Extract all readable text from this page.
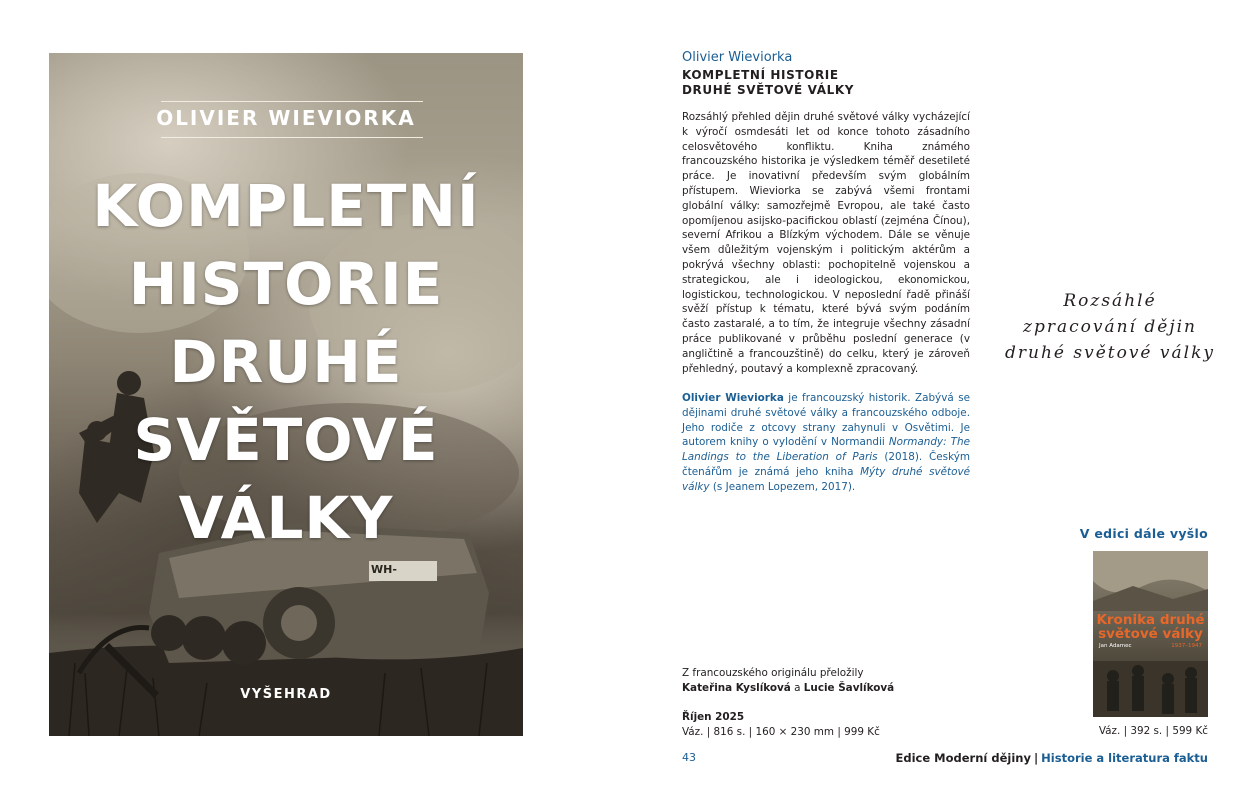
OLIVIER WIEVIORKA
KOMPLETNÍ
HISTORIE
DRUHÉ
SVĚTOVÉ
VÁLKY
VYŠEHRAD
WH-
Olivier Wieviorka
KOMPLETNÍ HISTORIE
DRUHÉ SVĚTOVÉ VÁLKY

Rozsáhlý přehled dějin druhé světové války vycházející k výročí osmdesáti let od konce tohoto zásadního celosvětového konfliktu. Kniha známého francouzského historika je výsledkem téměř desetileté práce. Je inovativní především svým globálním přístupem. Wieviorka se zabývá všemi frontami globální války: samozřejmě Evropou, ale také často opomíjenou asijsko-pacifickou oblastí (zejména Čínou), severní Afrikou a Blízkým východem. Dále se věnuje všem důležitým vojenským i politickým aktérům a pokrývá všechny oblasti: pochopitelně vojenskou a strategickou, ale i ideologickou, ekonomickou, logistickou, technologickou. V neposlední řadě přináší svěží přístup k tématu, které bývá svým podáním často zastaralé, a to tím, že integruje všechny zásadní práce publikované v průběhu poslední generace (v angličtině a francouzštině) do celku, který je zároveň přehledný, poutavý a komplexně zpracovaný.

Olivier Wieviorka je francouzský historik. Zabývá se dějinami druhé světové války a francouzského odboje. Jeho rodiče z otcovy strany zahynuli v Osvětimi. Je autorem knihy o vylodění v Normandii Normandy: The Landings to the Liberation of Paris (2018). Českým čtenářům je známá jeho kniha Mýty druhé světové války (s Jeanem Lopezem, 2017).

Rozsáhlé
zpracování dějin
druhé světové války
Z francouzského originálu přeložily
Kateřina Kyslíková a Lucie Šavlíková
Říjen 2025
Váz. | 816 s. | 160 × 230 mm | 999 Kč
43
V edici dále vyšlo
Kronika druhé
světové války
Jan Adamec	1937–1947
Váz. | 392 s. | 599 Kč
Edice Moderní dějiny | Historie a literatura faktu
